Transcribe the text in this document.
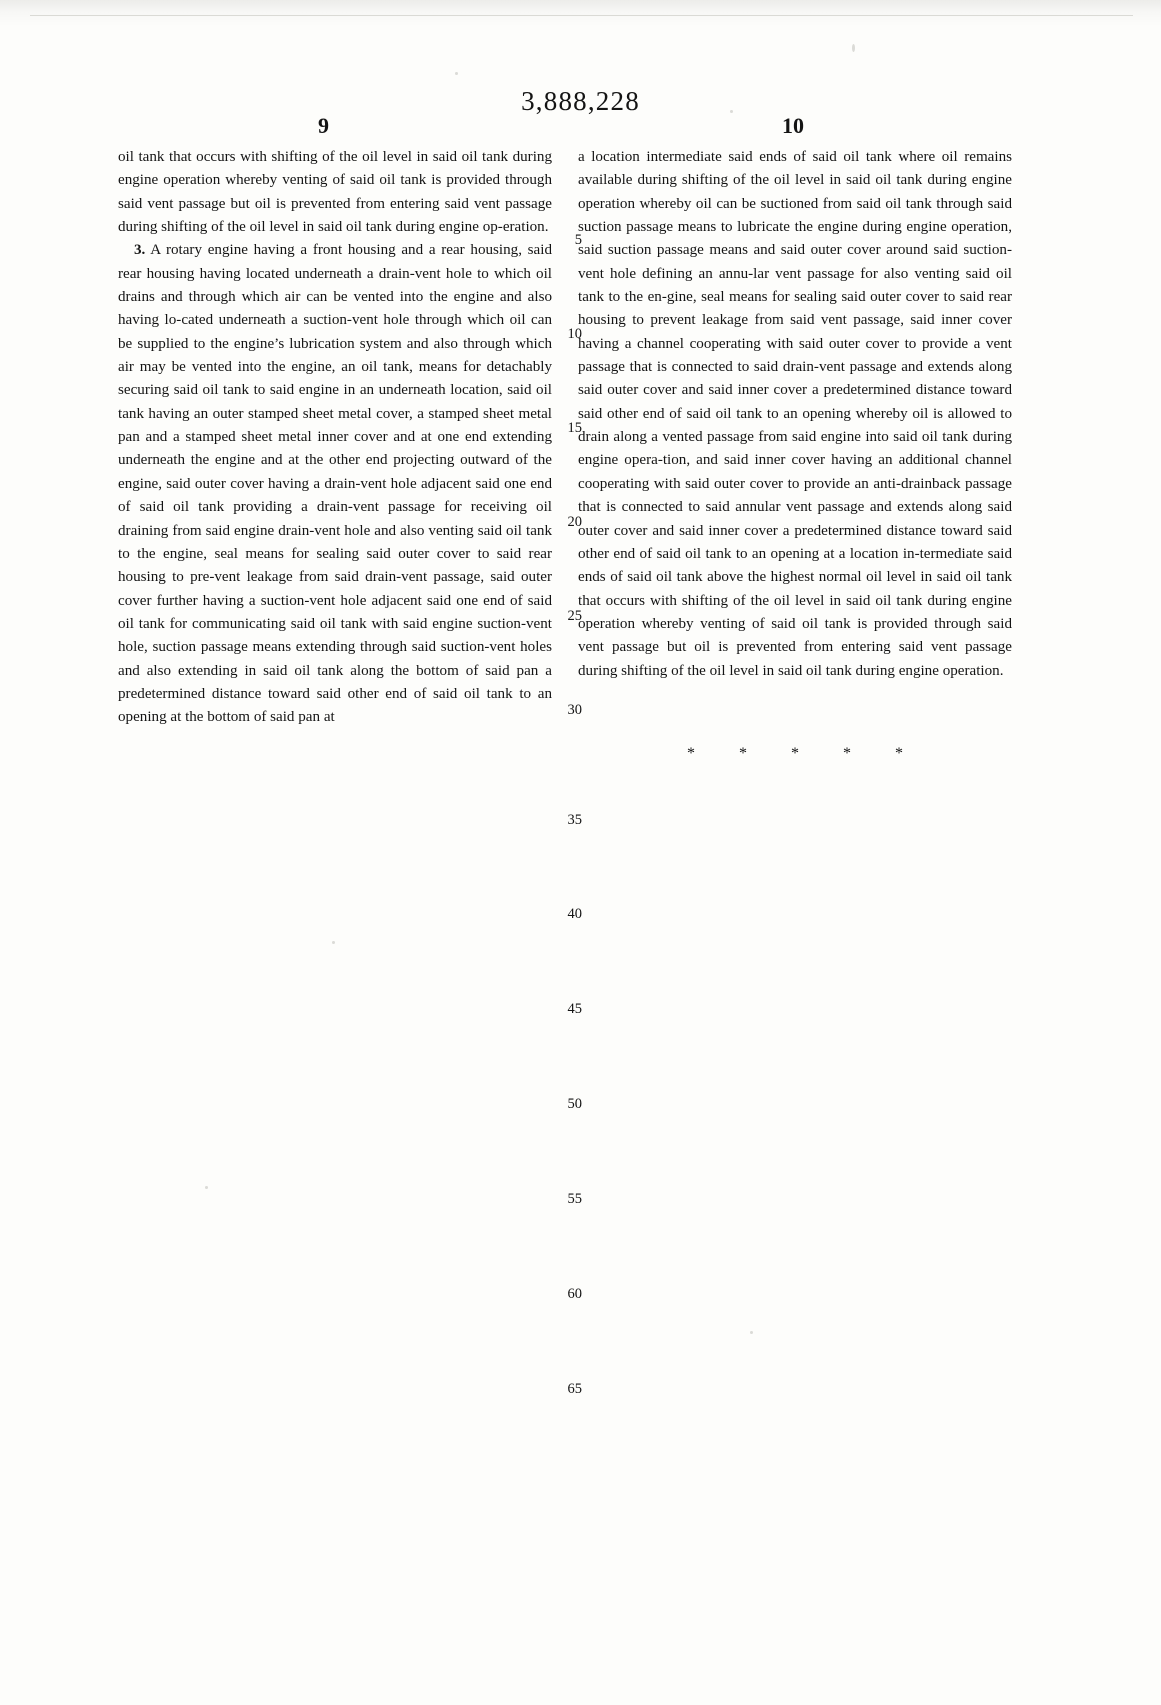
3,888,228
9	10

oil tank that occurs with shifting of the oil level in said oil tank during engine operation whereby venting of said oil tank is provided through said vent passage but oil is prevented from entering said vent passage during shifting of the oil level in said oil tank during engine op-eration.

3. A rotary engine having a front housing and a rear housing, said rear housing having located underneath a drain-vent hole to which oil drains and through which air can be vented into the engine and also having lo-cated underneath a suction-vent hole through which oil can be supplied to the engine’s lubrication system and also through which air may be vented into the engine, an oil tank, means for detachably securing said oil tank to said engine in an underneath location, said oil tank having an outer stamped sheet metal cover, a stamped sheet metal pan and a stamped sheet metal inner cover and at one end extending underneath the engine and at the other end projecting outward of the engine, said outer cover having a drain-vent hole adjacent said one end of said oil tank providing a drain-vent passage for receiving oil draining from said engine drain-vent hole and also venting said oil tank to the engine, seal means for sealing said outer cover to said rear housing to pre-vent leakage from said drain-vent passage, said outer cover further having a suction-vent hole adjacent said one end of said oil tank for communicating said oil tank with said engine suction-vent hole, suction passage means extending through said suction-vent holes and also extending in said oil tank along the bottom of said pan a predetermined distance toward said other end of said oil tank to an opening at the bottom of said pan at

a location intermediate said ends of said oil tank where oil remains available during shifting of the oil level in said oil tank during engine operation whereby oil can be suctioned from said oil tank through said suction passage means to lubricate the engine during engine operation, said suction passage means and said outer cover around said suction-vent hole defining an annu-lar vent passage for also venting said oil tank to the en-gine, seal means for sealing said outer cover to said rear housing to prevent leakage from said vent passage, said inner cover having a channel cooperating with said outer cover to provide a vent passage that is connected to said drain-vent passage and extends along said outer cover and said inner cover a predetermined distance toward said other end of said oil tank to an opening whereby oil is allowed to drain along a vented passage from said engine into said oil tank during engine opera-tion, and said inner cover having an additional channel cooperating with said outer cover to provide an anti-drainback passage that is connected to said annular vent passage and extends along said outer cover and said inner cover a predetermined distance toward said other end of said oil tank to an opening at a location in-termediate said ends of said oil tank above the highest normal oil level in said oil tank that occurs with shifting of the oil level in said oil tank during engine operation whereby venting of said oil tank is provided through said vent passage but oil is prevented from entering said vent passage during shifting of the oil level in said oil tank during engine operation.

* * * * *
5
10
15
20
25
30
35
40
45
50
55
60
65
